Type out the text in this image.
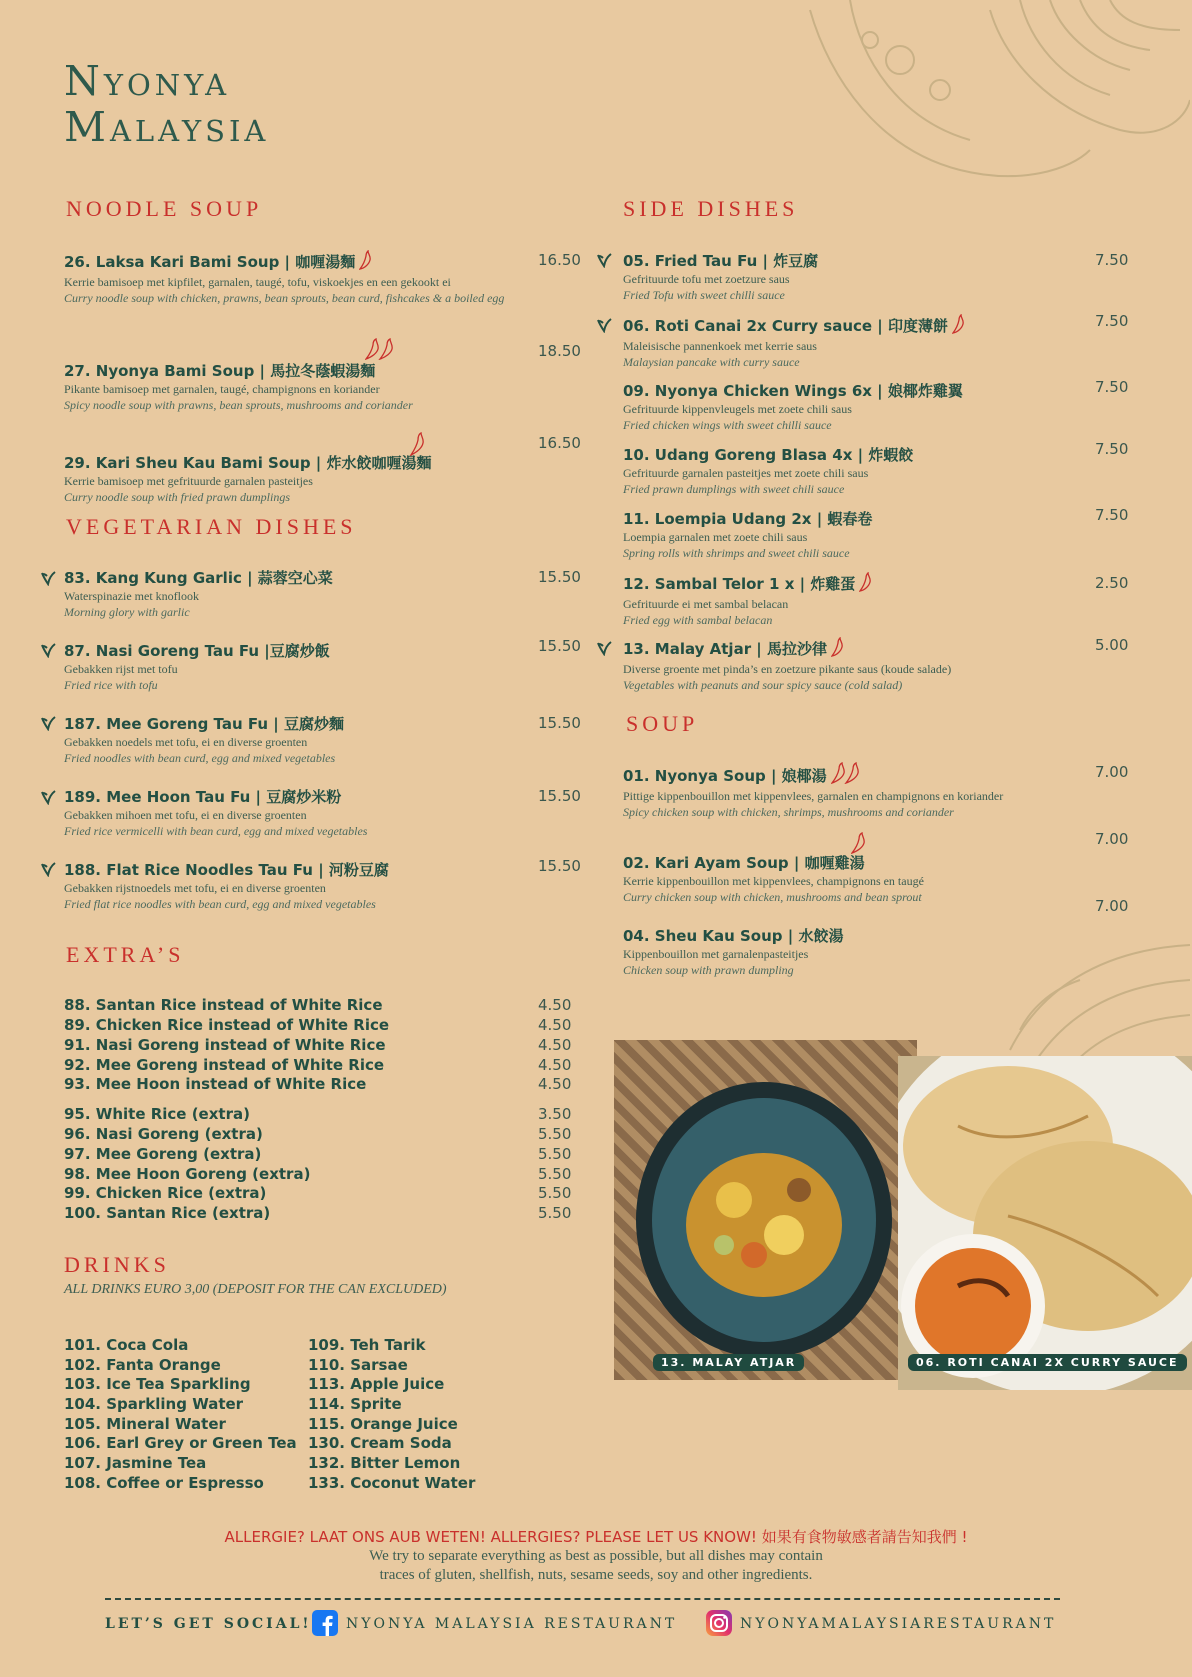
Nyonya
Malaysia
NOODLE SOUP
26. Laksa Kari Bami Soup | 咖喱湯麵
Kerrie bamisoep met kipfilet, garnalen, taugé, tofu, viskoekjes en een gekookt ei
Curry noodle soup with chicken, prawns, bean sprouts, bean curd, fishcakes & a boiled egg
16.50
27. Nyonya Bami Soup | 馬拉冬蔭蝦湯麵
Pikante bamisoep met garnalen, taugé, champignons en koriander
Spicy noodle soup with prawns, bean sprouts, mushrooms and coriander
18.50
29. Kari Sheu Kau Bami Soup | 炸水餃咖喱湯麵
Kerrie bamisoep met gefrituurde garnalen pasteitjes
Curry noodle soup with fried prawn dumplings
16.50
VEGETARIAN DISHES
83. Kang Kung Garlic | 蒜蓉空心菜
Waterspinazie met knoflook
Morning glory with garlic
15.50
87. Nasi Goreng Tau Fu |豆腐炒飯
Gebakken rijst met tofu
Fried rice with tofu
15.50
187. Mee Goreng Tau Fu | 豆腐炒麵
Gebakken noedels met tofu, ei en diverse groenten
Fried noodles with bean curd, egg and mixed vegetables
15.50
189. Mee Hoon Tau Fu | 豆腐炒米粉
Gebakken mihoen met tofu, ei en diverse groenten
Fried rice vermicelli with bean curd, egg and mixed vegetables
15.50
188. Flat Rice Noodles Tau Fu | 河粉豆腐
Gebakken rijstnoedels met tofu, ei en diverse groenten
Fried flat rice noodles with bean curd, egg and mixed vegetables
15.50
EXTRA’S
88. Santan Rice instead of White Rice	4.50
89. Chicken Rice instead of White Rice	4.50
91. Nasi Goreng instead of White Rice	4.50
92. Mee Goreng instead of White Rice	4.50
93. Mee Hoon instead of White Rice	4.50
95. White Rice (extra)	3.50
96. Nasi Goreng (extra)	5.50
97. Mee Goreng (extra)	5.50
98. Mee Hoon Goreng (extra)	5.50
99. Chicken Rice (extra)	5.50
100. Santan Rice (extra)	5.50
DRINKS
ALL DRINKS EURO 3,00 (DEPOSIT FOR THE CAN EXCLUDED)
101. Coca Cola
102. Fanta Orange
103. Ice Tea Sparkling
104. Sparkling Water
105. Mineral Water
106. Earl Grey or Green Tea
107. Jasmine Tea
108. Coffee or Espresso
109. Teh Tarik
110. Sarsae
113. Apple Juice
114. Sprite
115. Orange Juice
130. Cream Soda
132. Bitter Lemon
133. Coconut Water
SIDE DISHES
05. Fried Tau Fu | 炸豆腐
Gefrituurde tofu met zoetzure saus
Fried Tofu with sweet chilli sauce
7.50
06. Roti Canai 2x Curry sauce | 印度薄餅
Maleisische pannenkoek met kerrie saus
Malaysian pancake with curry sauce
7.50
09. Nyonya Chicken Wings 6x | 娘椰炸雞翼
Gefrituurde kippenvleugels met zoete chili saus
Fried chicken wings with sweet chilli sauce
7.50
10. Udang Goreng Blasa 4x | 炸蝦餃
Gefrituurde garnalen pasteitjes met zoete chili saus
Fried prawn dumplings with sweet chili sauce
7.50
11. Loempia Udang 2x | 蝦春卷
Loempia garnalen met zoete chili saus
Spring rolls with shrimps and sweet chili sauce
7.50
12. Sambal Telor 1 x | 炸雞蛋
Gefrituurde ei met sambal belacan
Fried egg with sambal belacan
2.50
13. Malay Atjar | 馬拉沙律
Diverse groente met pinda’s en zoetzure pikante saus (koude salade)
Vegetables with peanuts and sour spicy sauce (cold salad)
5.00
SOUP
01. Nyonya Soup | 娘椰湯
Pittige kippenbouillon met kippenvlees, garnalen en champignons en koriander
Spicy chicken soup with chicken, shrimps, mushrooms and coriander
7.00
02. Kari Ayam Soup | 咖喱雞湯
Kerrie kippenbouillon met kippenvlees, champignons en taugé
Curry chicken soup with chicken, mushrooms and bean sprout
7.00
04. Sheu Kau Soup | 水餃湯
Kippenbouillon met garnalenpasteitjes
Chicken soup with prawn dumpling
7.00
13. MALAY ATJAR	06. ROTI CANAI 2X CURRY SAUCE
ALLERGIE? LAAT ONS AUB WETEN! ALLERGIES? PLEASE LET US KNOW! 如果有食物敏感者請告知我們 !
We try to separate everything as best as possible, but all dishes may contain
traces of gluten, shellfish, nuts, sesame seeds, soy and other ingredients.
LET’S GET SOCIAL! NYONYA MALAYSIA RESTAURANT	NYONYAMALAYSIARESTAURANT
